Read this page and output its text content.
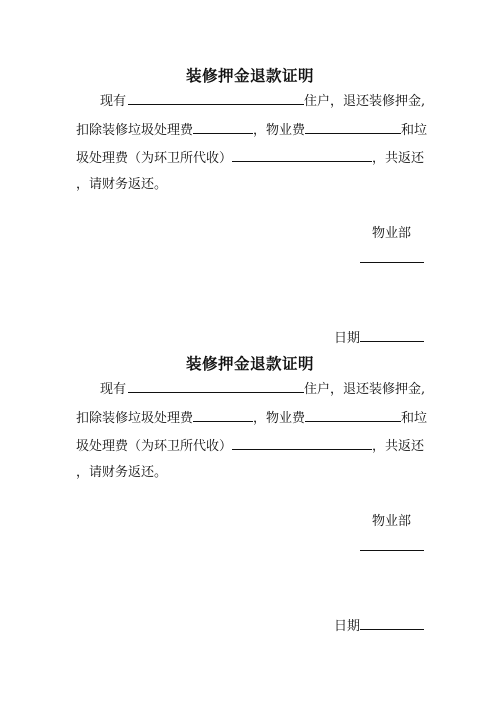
装修押金退款证明
现有	住户，退还装修押金,
扣除装修垃圾处理费	，物业费	和垃
圾处理费（为环卫所代收）	，共返还
，请财务返还。
物业部
日期
装修押金退款证明
现有	住户，退还装修押金,
扣除装修垃圾处理费	，物业费	和垃
圾处理费（为环卫所代收）	，共返还
，请财务返还。
物业部
日期
